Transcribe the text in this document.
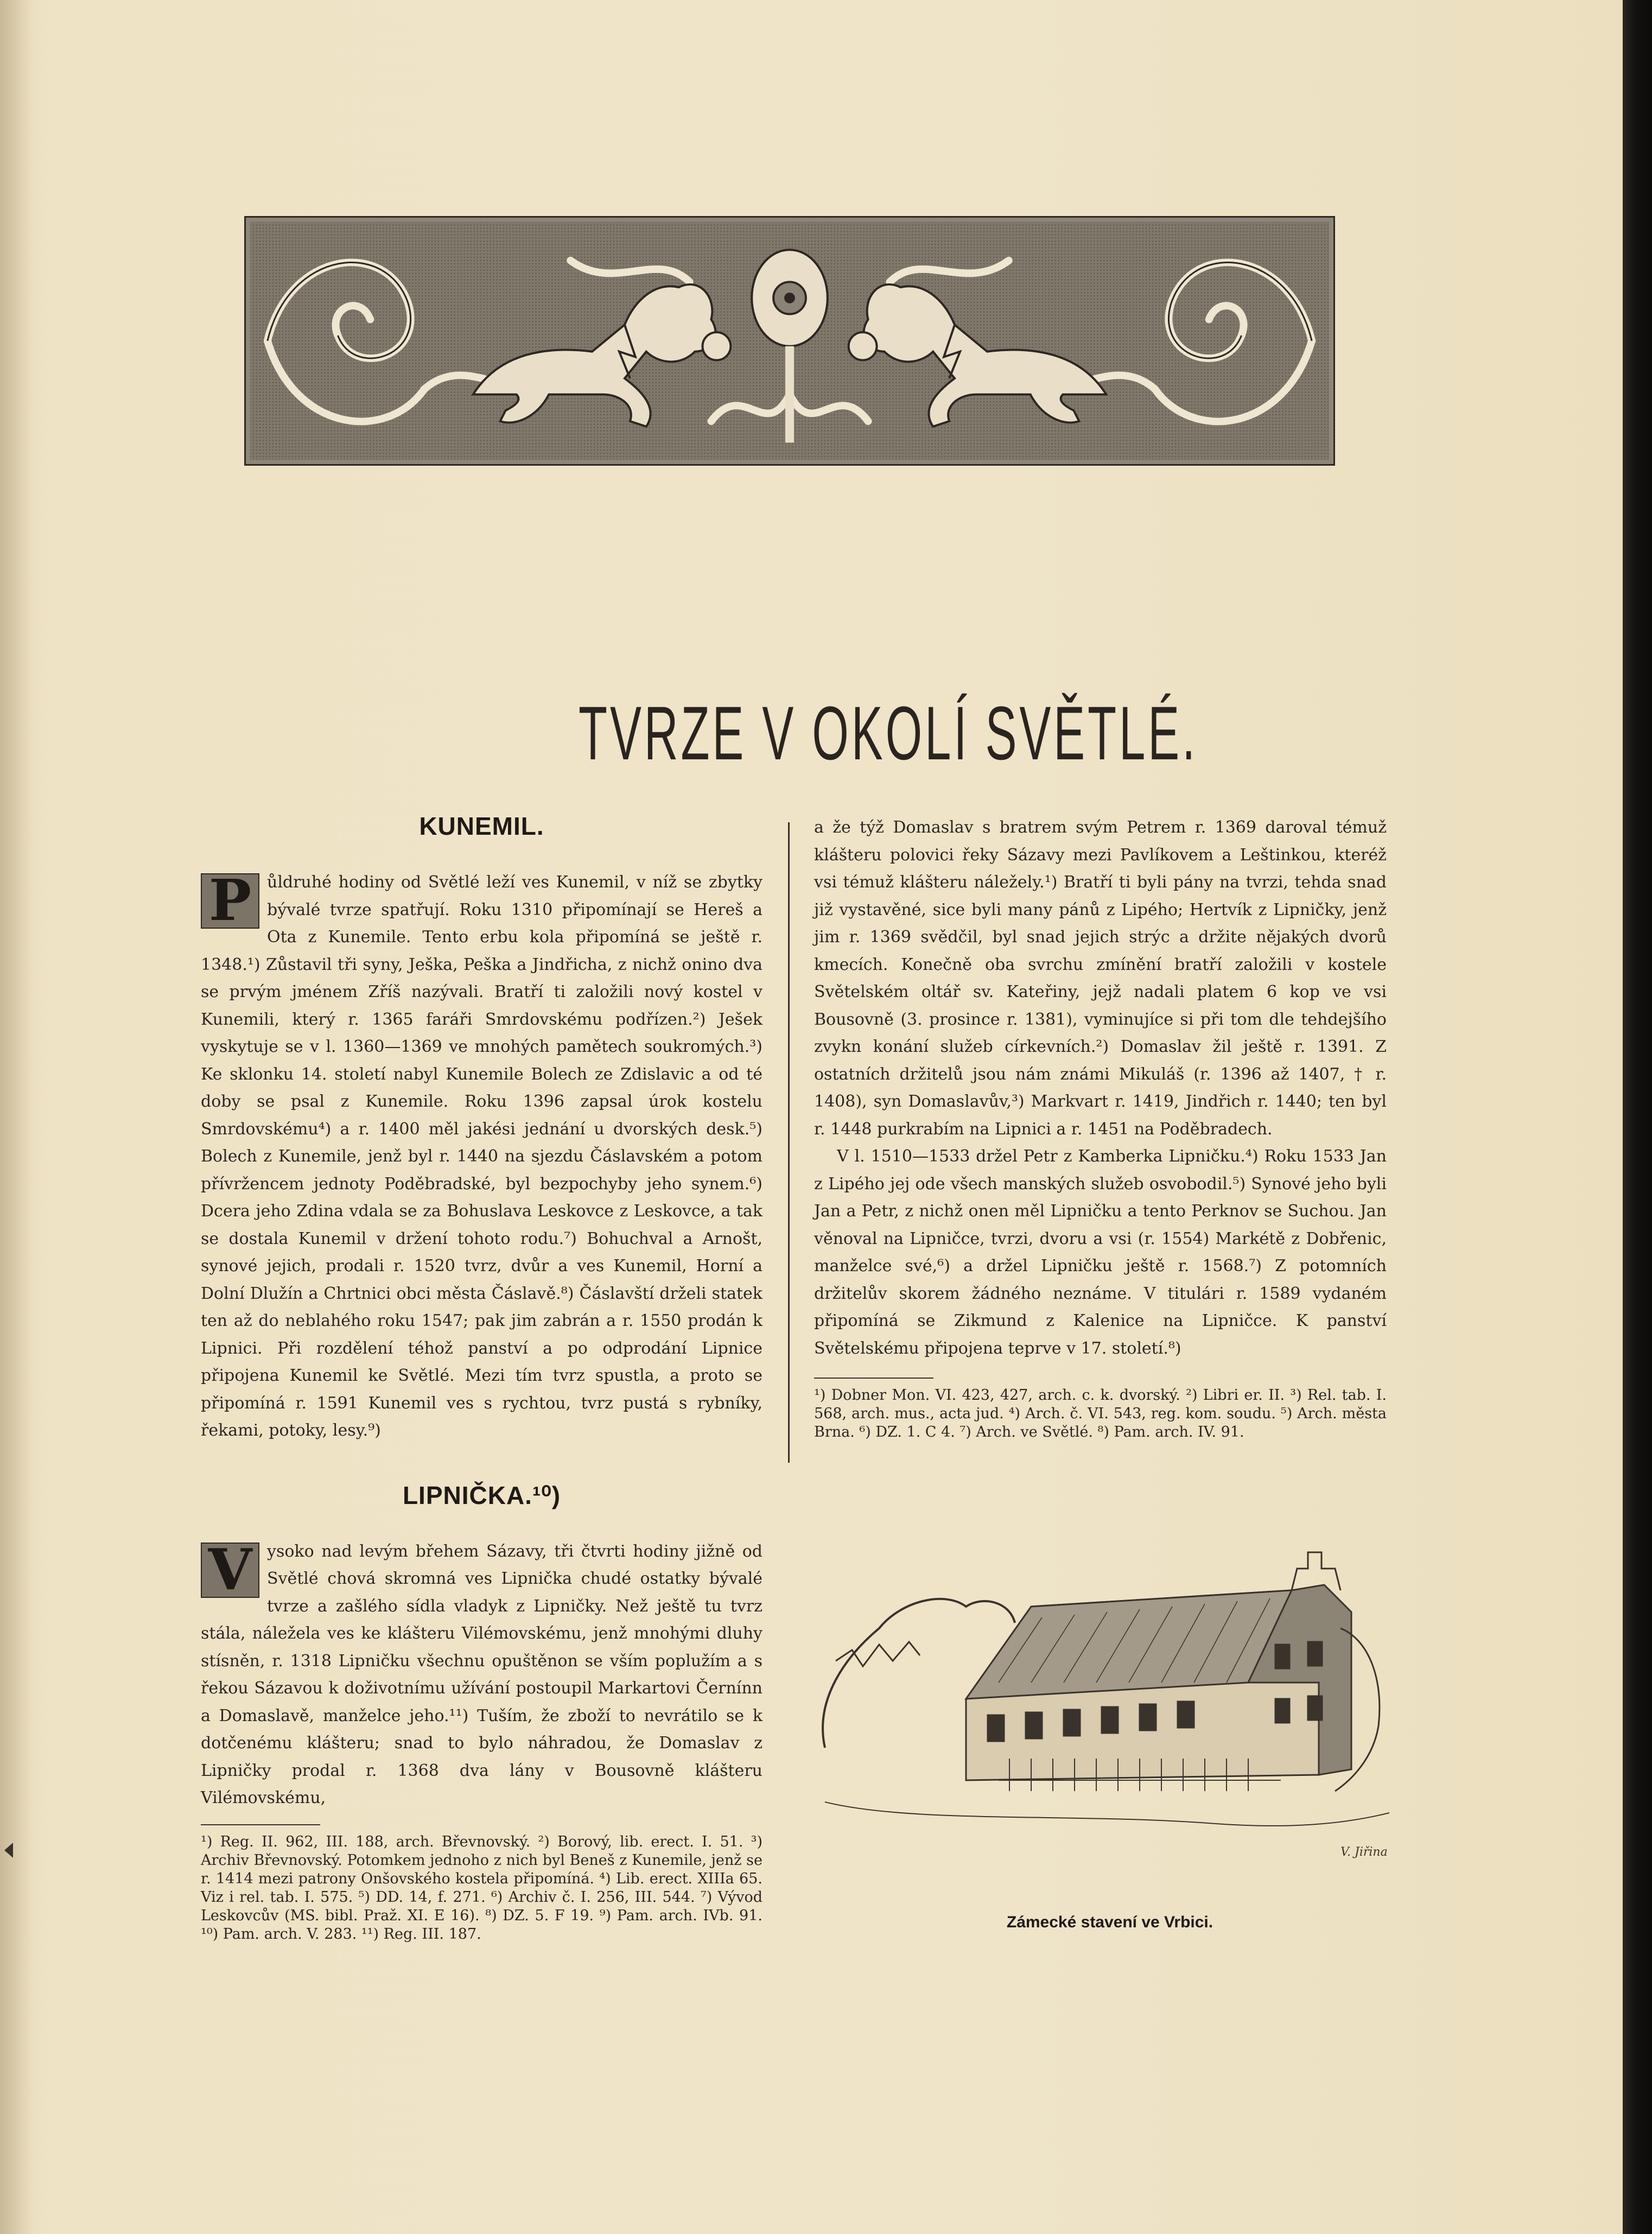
TVRZE V OKOLÍ SVĚTLÉ.
KUNEMIL.
P ůldruhé hodiny od Světlé leží ves Kunemil, v níž se zbytky bývalé tvrze spatřují. Roku 1310 připomínají se Hereš a Ota z Kunemile. Tento erbu kola připomíná se ještě r. 1348.¹) Zůstavil tři syny, Ješka, Peška a Jindřicha, z nichž onino dva se prvým jménem Zříš nazývali. Bratří ti založili nový kostel v Kunemili, který r. 1365 faráři Smrdovskému podřízen.²) Ješek vyskytuje se v l. 1360—1369 ve mnohých pamětech soukromých.³) Ke sklonku 14. století nabyl Kunemile Bolech ze Zdislavic a od té doby se psal z Kunemile. Roku 1396 zapsal úrok kostelu Smrdovskému⁴) a r. 1400 měl jakési jednání u dvorských desk.⁵) Bolech z Kunemile, jenž byl r. 1440 na sjezdu Čáslavském a potom přívržencem jednoty Poděbradské, byl bezpochyby jeho synem.⁶) Dcera jeho Zdina vdala se za Bohuslava Leskovce z Leskovce, a tak se dostala Kunemil v držení tohoto rodu.⁷) Bohuchval a Arnošt, synové jejich, prodali r. 1520 tvrz, dvůr a ves Kunemil, Horní a Dolní Dlužín a Chrtnici obci města Čáslavě.⁸) Čáslavští drželi statek ten až do neblahého roku 1547; pak jim zabrán a r. 1550 prodán k Lipnici. Při rozdělení téhož panství a po odprodání Lipnice připojena Kunemil ke Světlé. Mezi tím tvrz spustla, a proto se připomíná r. 1591 Kunemil ves s rychtou, tvrz pustá s rybníky, řekami, potoky, lesy.⁹)

LIPNIČKA.¹⁰)
V ysoko nad levým břehem Sázavy, tři čtvrti hodiny jižně od Světlé chová skromná ves Lipnička chudé ostatky bývalé tvrze a zašlého sídla vladyk z Lipničky. Než ještě tu tvrz stála, náležela ves ke klášteru Vilémovskému, jenž mnohými dluhy stísněn, r. 1318 Lipničku všechnu opuštěnon se vším poplužím a s řekou Sázavou k doživotnímu užívání postoupil Markartovi Černínn a Domaslavě, manželce jeho.¹¹) Tuším, že zboží to nevrátilo se k dotčenému klášteru; snad to bylo náhradou, že Domaslav z Lipničky prodal r. 1368 dva lány v Bousovně klášteru Vilémovskému,

¹) Reg. II. 962, III. 188, arch. Břevnovský. ²) Borový, lib. erect. I. 51. ³) Archiv Břevnovský. Potomkem jednoho z nich byl Beneš z Kunemile, jenž se r. 1414 mezi patrony Onšovského kostela připomíná. ⁴) Lib. erect. XIIIa 65. Viz i rel. tab. I. 575. ⁵) DD. 14, f. 271. ⁶) Archiv č. I. 256, III. 544. ⁷) Vývod Leskovcův (MS. bibl. Praž. XI. E 16). ⁸) DZ. 5. F 19. ⁹) Pam. arch. IVb. 91. ¹⁰) Pam. arch. V. 283. ¹¹) Reg. III. 187.

a že týž Domaslav s bratrem svým Petrem r. 1369 daroval témuž klášteru polovici řeky Sázavy mezi Pavlíkovem a Leštinkou, kteréž vsi témuž klášteru náležely.¹) Bratří ti byli pány na tvrzi, tehda snad již vystavěné, sice byli many pánů z Lipého; Hertvík z Lipničky, jenž jim r. 1369 svědčil, byl snad jejich strýc a držite nějakých dvorů kmecích. Konečně oba svrchu zmínění bratří založili v kostele Světelském oltář sv. Kateřiny, jejž nadali platem 6 kop ve vsi Bousovně (3. prosince r. 1381), vyminujíce si při tom dle tehdejšího zvykn konání služeb církevních.²) Domaslav žil ještě r. 1391. Z ostatních držitelů jsou nám známi Mikuláš (r. 1396 až 1407, † r. 1408), syn Domaslavův,³) Markvart r. 1419, Jindřich r. 1440; ten byl r. 1448 purkrabím na Lipnici a r. 1451 na Poděbradech.

V l. 1510—1533 držel Petr z Kamberka Lipničku.⁴) Roku 1533 Jan z Lipého jej ode všech manských služeb osvobodil.⁵) Synové jeho byli Jan a Petr, z nichž onen měl Lipničku a tento Perknov se Suchou. Jan věnoval na Lipničce, tvrzi, dvoru a vsi (r. 1554) Markétě z Dobřenic, manželce své,⁶) a držel Lipničku ještě r. 1568.⁷) Z potomních držitelův skorem žádného neznáme. V titulári r. 1589 vydaném připomíná se Zikmund z Kalenice na Lipničce. K panství Světelskému připojena teprve v 17. století.⁸)

¹) Dobner Mon. VI. 423, 427, arch. c. k. dvorský. ²) Libri er. II. ³) Rel. tab. I. 568, arch. mus., acta jud. ⁴) Arch. č. VI. 543, reg. kom. soudu. ⁵) Arch. města Brna. ⁶) DZ. 1. C 4. ⁷) Arch. ve Světlé. ⁸) Pam. arch. IV. 91.

V. Jiřina
Zámecké stavení ve Vrbici.
